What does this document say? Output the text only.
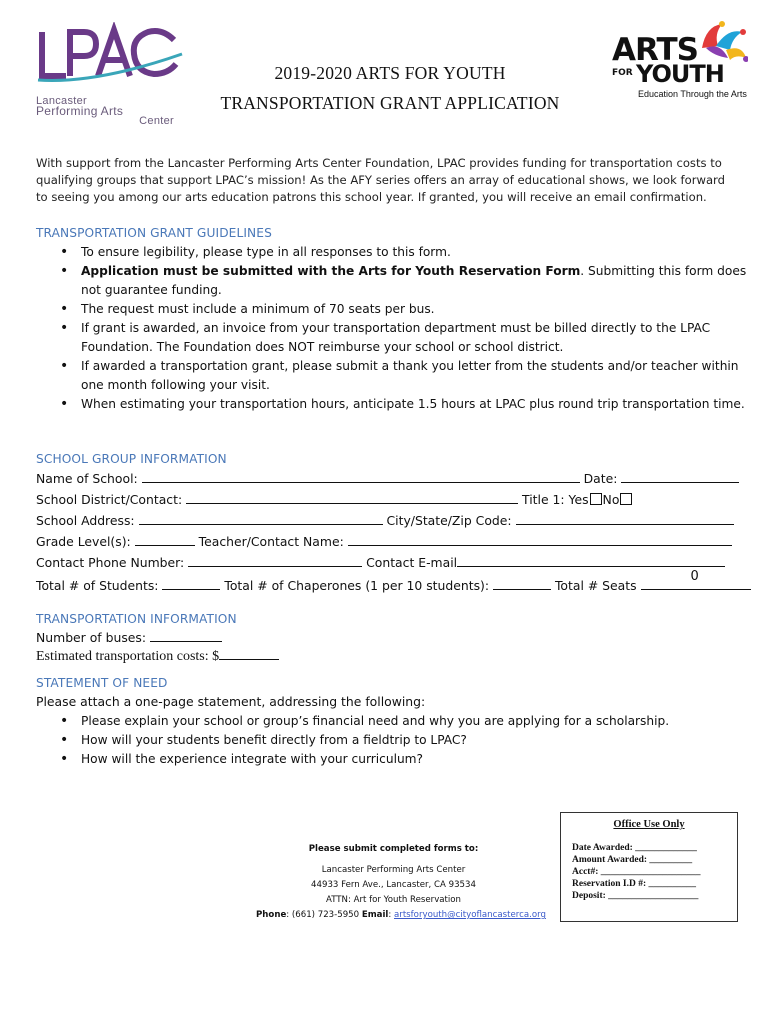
Lancaster
Performing Arts
Center
2019-2020 ARTS FOR YOUTH
TRANSPORTATION GRANT APPLICATION
ARTS
FOR YOUTH
Education Through the Arts
With support from the Lancaster Performing Arts Center Foundation, LPAC provides funding for transportation costs to qualifying groups that support LPAC’s mission! As the AFY series offers an array of educational shows, we look forward to seeing you among our arts education patrons this school year. If granted, you will receive an email confirmation.
TRANSPORTATION GRANT GUIDELINES
• To ensure legibility, please type in all responses to this form.
• Application must be submitted with the Arts for Youth Reservation Form. Submitting this form does not guarantee funding.
• The request must include a minimum of 70 seats per bus.
• If grant is awarded, an invoice from your transportation department must be billed directly to the LPAC Foundation. The Foundation does NOT reimburse your school or school district.
• If awarded a transportation grant, please submit a thank you letter from the students and/or teacher within one month following your visit.
• When estimating your transportation hours, anticipate 1.5 hours at LPAC plus round trip transportation time.
SCHOOL GROUP INFORMATION
Name of School:	Date:
School District/Contact:	Title 1: Yes No
School Address:	City/State/Zip Code:
Grade Level(s):	Teacher/Contact Name:
Contact Phone Number:	Contact E-mail
Total # of Students:	Total # of Chaperones (1 per 10 students):	Total # Seats
0
TRANSPORTATION INFORMATION
Number of buses:
Estimated transportation costs: $
STATEMENT OF NEED
Please attach a one-page statement, addressing the following:
• Please explain your school or group’s financial need and why you are applying for a scholarship.
• How will your students benefit directly from a fieldtrip to LPAC?
• How will the experience integrate with your curriculum?
Please submit completed forms to:
Lancaster Performing Arts Center
44933 Fern Ave., Lancaster, CA 93534
ATTN: Art for Youth Reservation
Phone: (661) 723-5950 Email: artsforyouth@cityoflancasterca.org
Office Use Only
Date Awarded: _____________
Amount Awarded: _________
Acct#: _____________________
Reservation I.D #: __________
Deposit: ___________________
